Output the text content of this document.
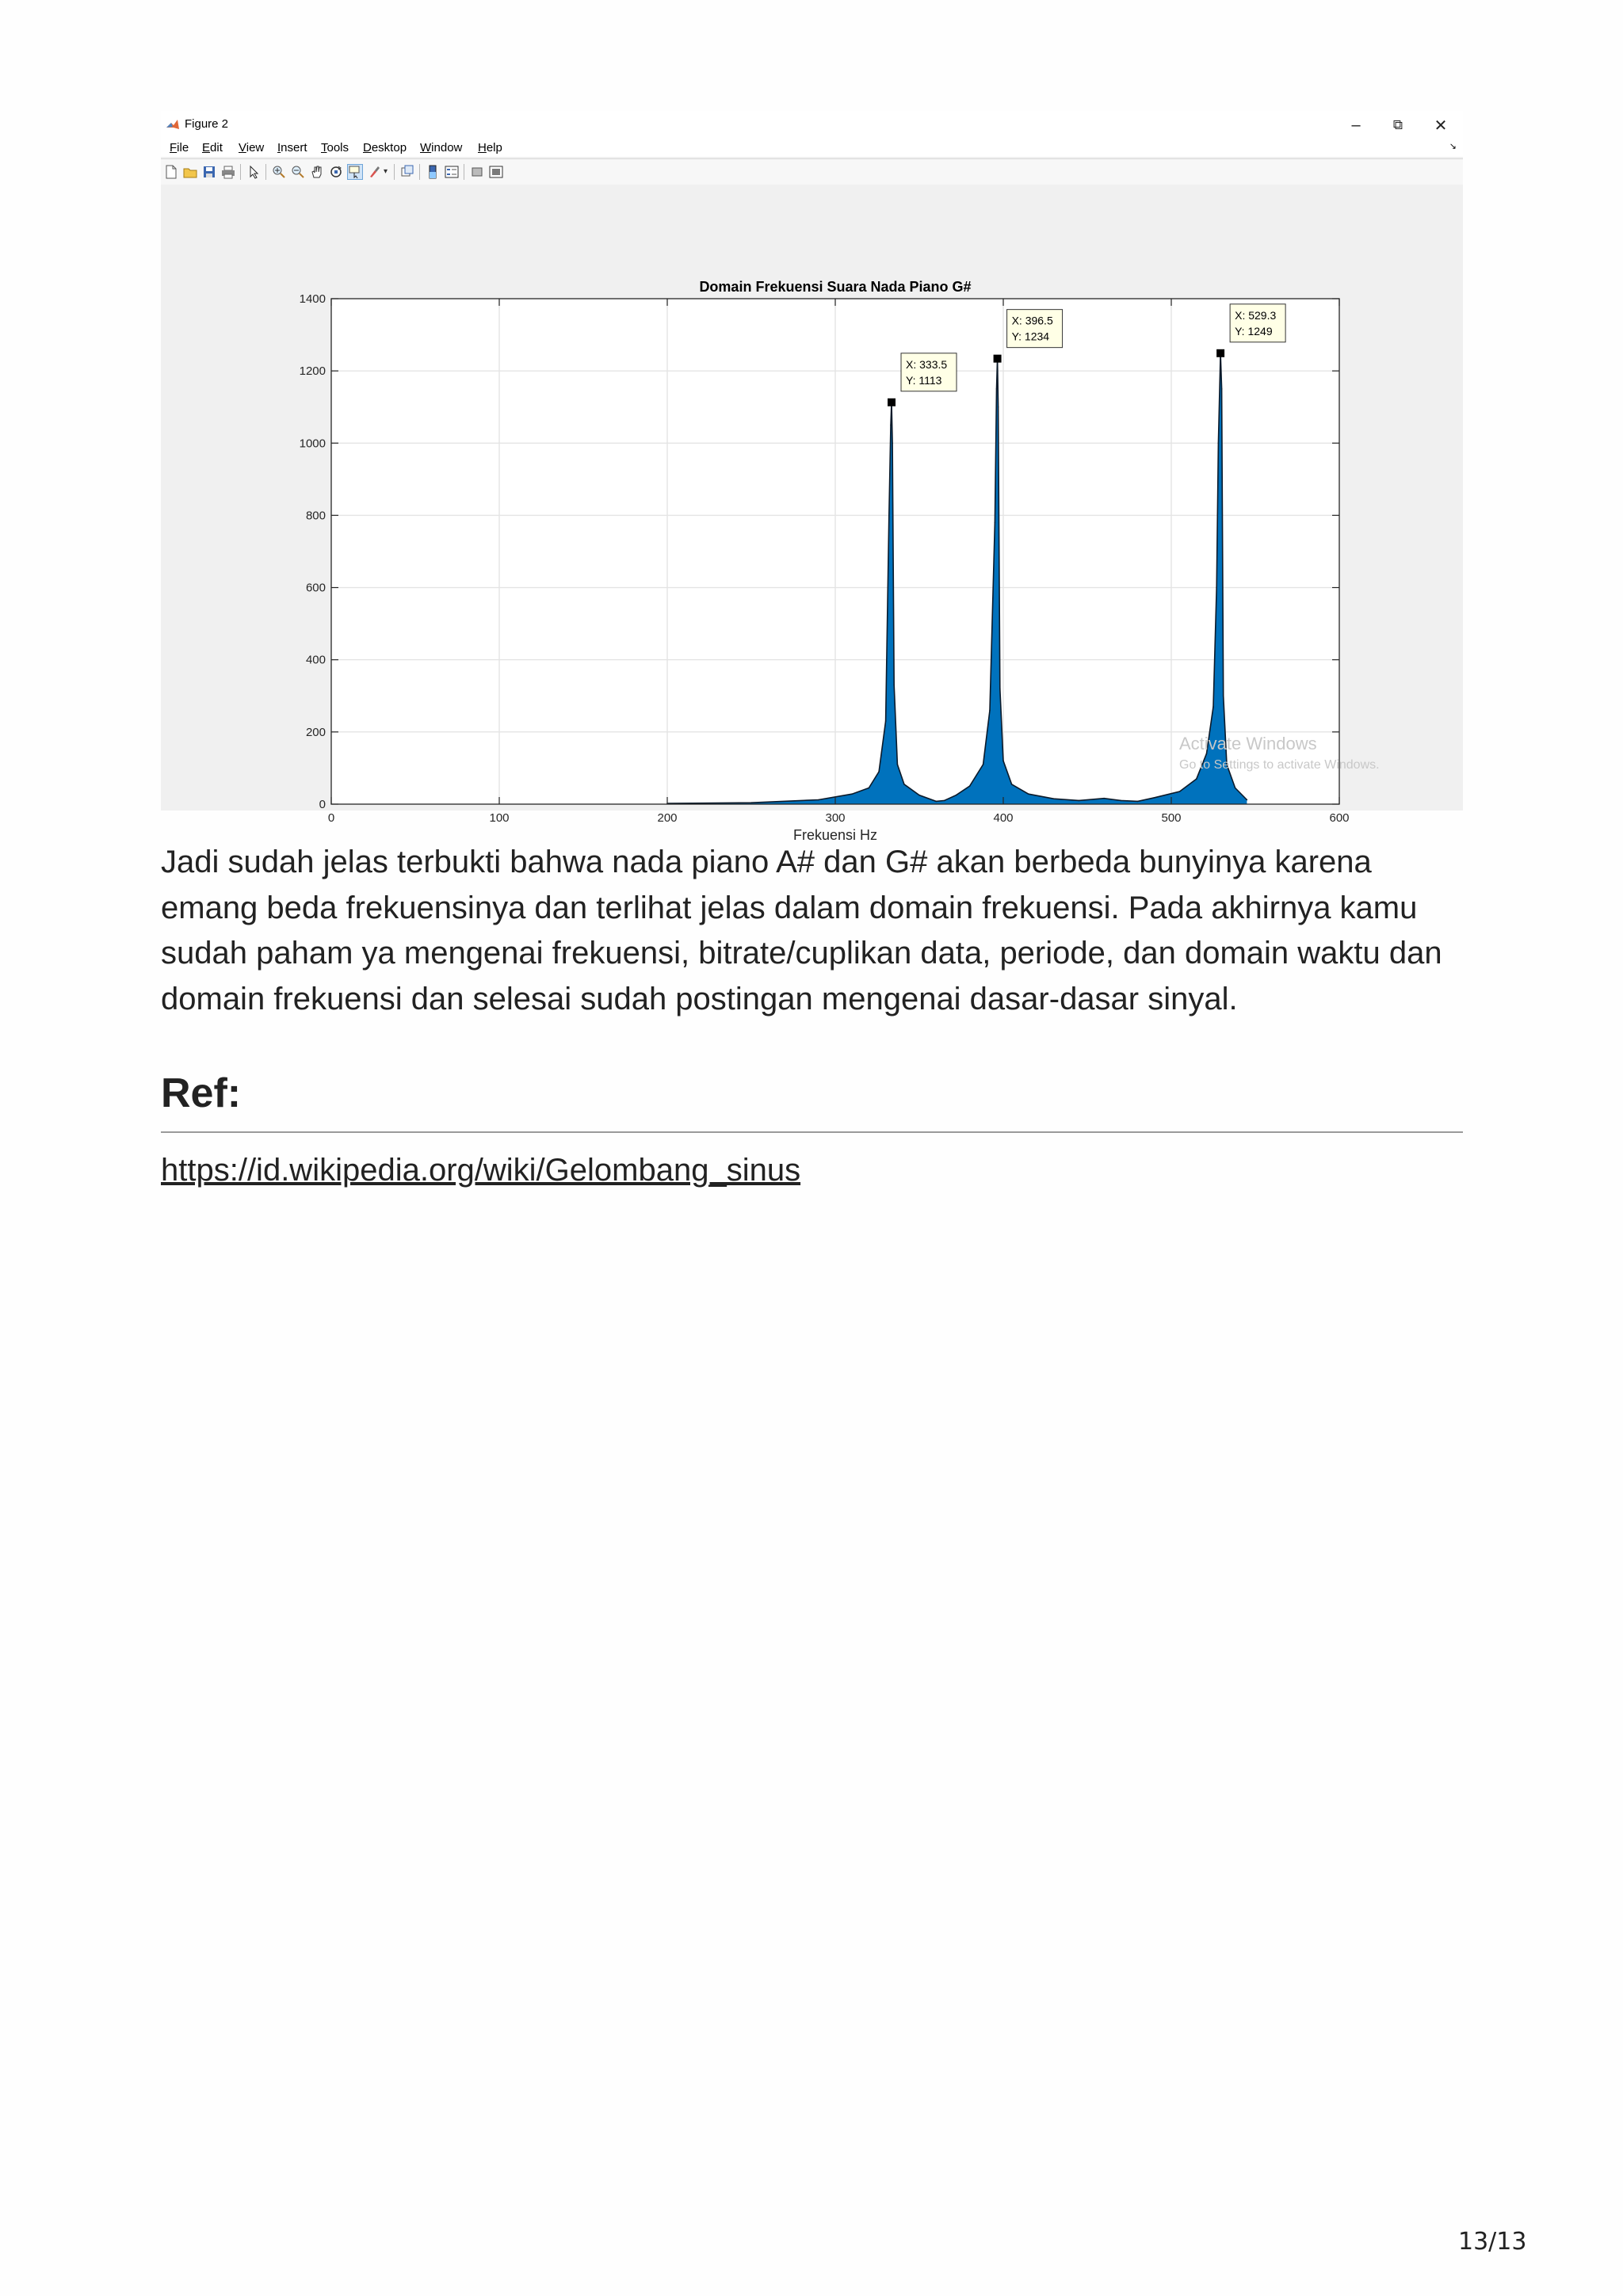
Figure 2	–	⧉	✕
File Edit View Insert Tools Desktop Window Help	↘
▾
0	100	200	300	400	500	600
0
200
400
600
800
1000
1200
1400
Domain Frekuensi Suara Nada Piano G#
Frekuensi Hz
X: 333.5
Y: 1113
X: 396.5
Y: 1234
X: 529.3
Y: 1249
Activate Windows
Go to Settings to activate Windows.

Jadi sudah jelas terbukti bahwa nada piano A# dan G# akan berbeda bunyinya karena emang beda frekuensinya dan terlihat jelas dalam domain frekuensi. Pada akhirnya kamu sudah paham ya mengenai frekuensi, bitrate/cuplikan data, periode, dan domain waktu dan domain frekuensi dan selesai sudah postingan mengenai dasar-dasar sinyal.

Ref:
https://id.wikipedia.org/wiki/Gelombang_sinus
13/13
